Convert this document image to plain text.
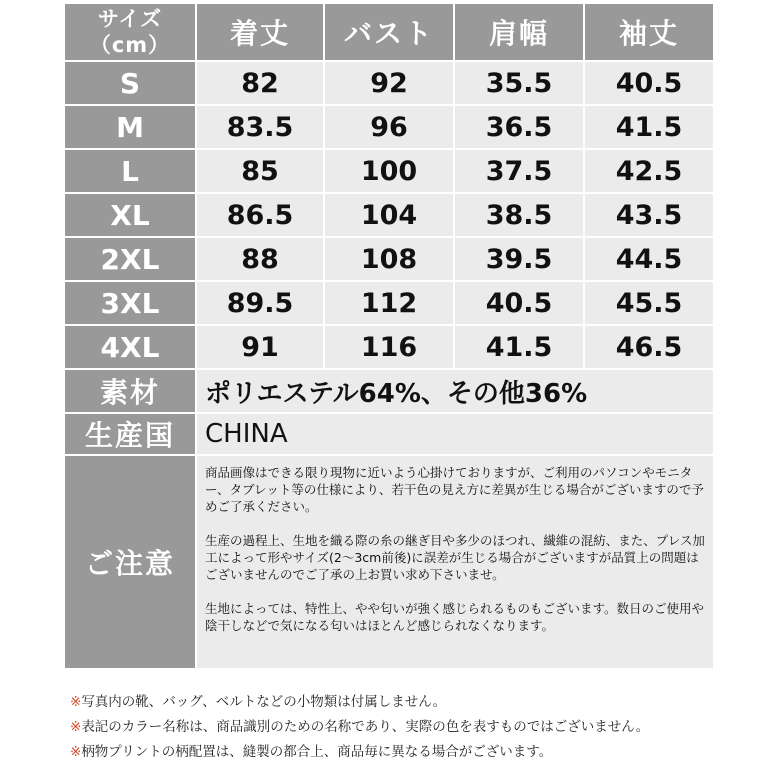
サイズ
（cm）	着丈	バスト	肩幅	袖丈
S	82	92	35.5	40.5
M	83.5	96	36.5	41.5
L	85	100	37.5	42.5
XL	86.5	104	38.5	43.5
2XL	88	108	39.5	44.5
3XL	89.5	112	40.5	45.5
4XL	91	116	41.5	46.5
素材	ポリエステル64%、その他36%			
生産国	CHINA			
ご注意	商品画像はできる限り現物に近いよう心掛けておりますが、ご利用のパソコンやモニター、タブレット等の仕様により、若干色の見え方に差異が生じる場合がございますので予めご了承ください。

生産の過程上、生地を織る際の糸の継ぎ目や多少のほつれ、繊維の混紡、また、プレス加工によって形やサイズ(2～3cm前後)に誤差が生じる場合がございますが品質上の問題はございませんのでご了承の上お買い求め下さいませ。

生地によっては、特性上、やや匂いが強く感じられるものもございます。数日のご使用や陰干しなどで気になる匂いはほとんど感じられなくなります。			

※写真内の靴、バッグ、ベルトなどの小物類は付属しません。
※表記のカラー名称は、商品識別のための名称であり、実際の色を表すものではございません。
※柄物プリントの柄配置は、縫製の都合上、商品毎に異なる場合がございます。
